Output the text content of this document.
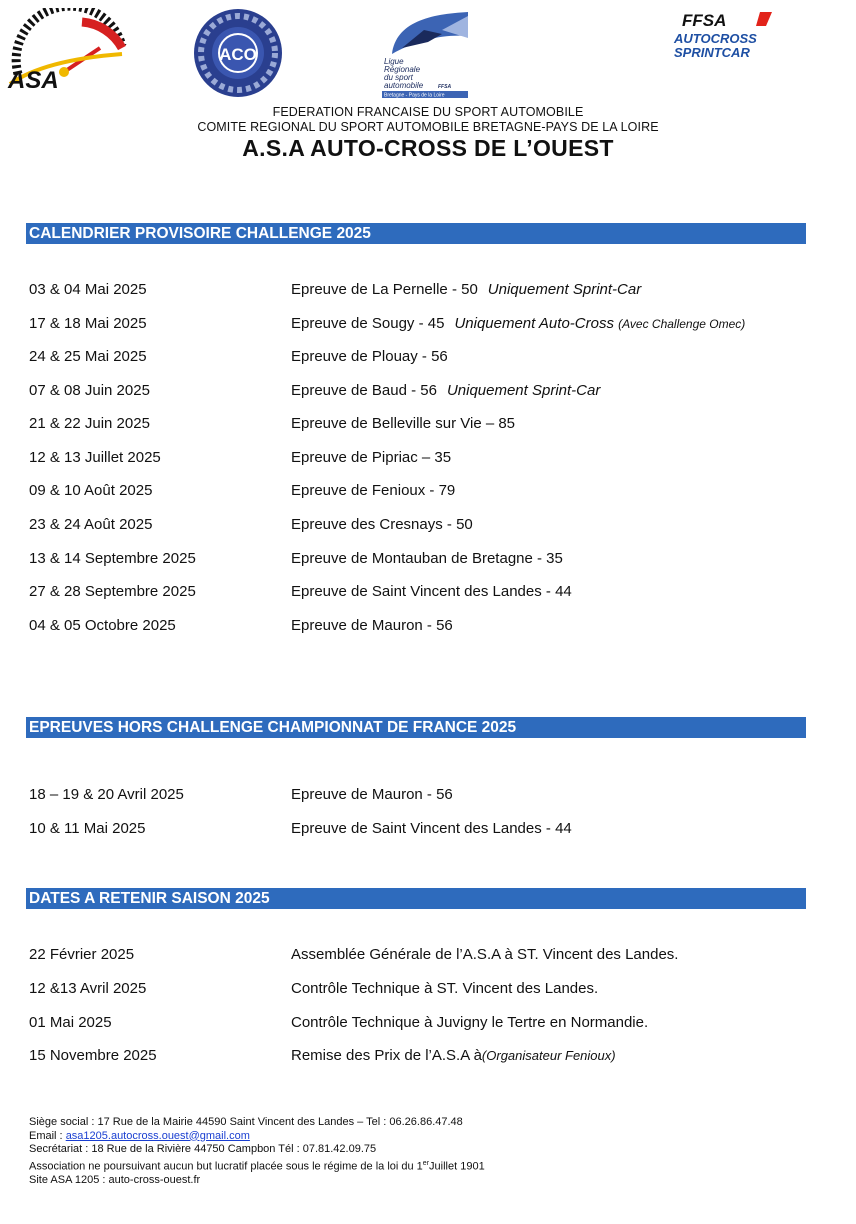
ASA
ACO	Ligue Régionale du sport automobile	FFSA
Bretagne - Pays de la Loire
FFSA
AUTOCROSS
SPRINTCAR

FEDERATION FRANCAISE DU SPORT AUTOMOBILE

COMITE REGIONAL DU SPORT AUTOMOBILE BRETAGNE-PAYS DE LA LOIRE

A.S.A AUTO-CROSS DE L’OUEST
CALENDRIER PROVISOIRE CHALLENGE 2025
03 & 04 Mai 2025	Epreuve de La Pernelle - 50 Uniquement Sprint-Car
17 & 18 Mai 2025	Epreuve de Sougy - 45 Uniquement Auto-Cross (Avec Challenge Omec)
24 & 25 Mai 2025	Epreuve de Plouay - 56
07 & 08 Juin 2025	Epreuve de Baud - 56 Uniquement Sprint-Car
21 & 22 Juin 2025	Epreuve de Belleville sur Vie – 85
12 & 13 Juillet 2025	Epreuve de Pipriac – 35
09 & 10 Août 2025	Epreuve de Fenioux - 79
23 & 24 Août 2025	Epreuve des Cresnays - 50
13 & 14 Septembre 2025	Epreuve de Montauban de Bretagne - 35
27 & 28 Septembre 2025	Epreuve de Saint Vincent des Landes - 44
04 & 05 Octobre 2025	Epreuve de Mauron - 56
EPREUVES HORS CHALLENGE CHAMPIONNAT DE FRANCE 2025
18 – 19 & 20 Avril 2025	Epreuve de Mauron - 56
10 & 11 Mai 2025	Epreuve de Saint Vincent des Landes - 44
DATES A RETENIR SAISON 2025
22 Février 2025	Assemblée Générale de l’A.S.A à ST. Vincent des Landes.
12 &13 Avril 2025	Contrôle Technique à ST. Vincent des Landes.
01 Mai 2025	Contrôle Technique à Juvigny le Tertre en Normandie.
15 Novembre 2025	Remise des Prix de l’A.S.A à(Organisateur Fenioux)
Siège social : 17 Rue de la Mairie 44590 Saint Vincent des Landes – Tel : 06.26.86.47.48
Email : asa1205.autocross.ouest@gmail.com
Secrétariat : 18 Rue de la Rivière 44750 Campbon Tél : 07.81.42.09.75
Association ne poursuivant aucun but lucratif placée sous le régime de la loi du 1erJuillet 1901
Site ASA 1205 : auto-cross-ouest.fr
